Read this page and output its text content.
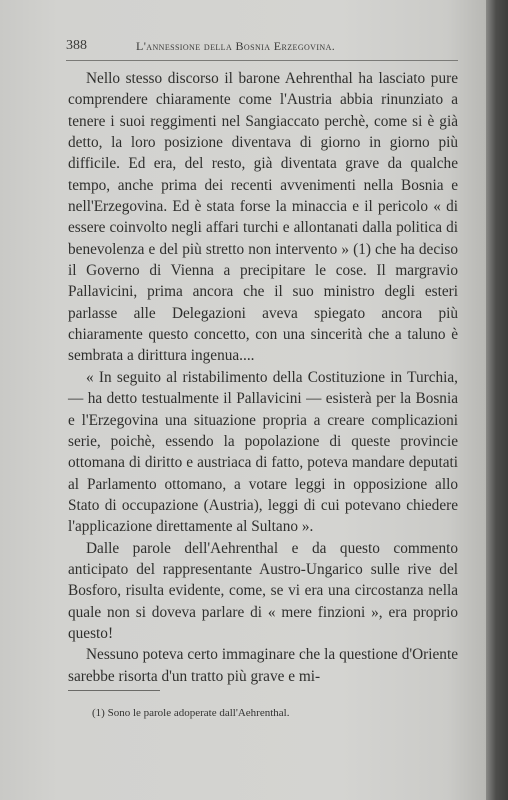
388	L'annessione della Bosnia Erzegovina.

Nello stesso discorso il barone Aehrenthal ha lasciato pure comprendere chiaramente come l'Austria abbia rinunziato a tenere i suoi reggimenti nel Sangiaccato perchè, come si è già detto, la loro posizione diventava di giorno in giorno più difficile. Ed era, del resto, già diventata grave da qualche tempo, anche prima dei recenti avvenimenti nella Bosnia e nell'Erzegovina. Ed è stata forse la minaccia e il pericolo « di essere coinvolto negli affari turchi e allontanati dalla politica di benevolenza e del più stretto non intervento » (1) che ha deciso il Governo di Vienna a precipitare le cose. Il margravio Pallavicini, prima ancora che il suo ministro degli esteri parlasse alle Delegazioni aveva spiegato ancora più chiaramente questo concetto, con una sincerità che a taluno è sembrata a dirittura ingenua....

« In seguito al ristabilimento della Costituzione in Turchia, — ha detto testualmente il Pallavicini — esisterà per la Bosnia e l'Erzegovina una situazione propria a creare complicazioni serie, poichè, essendo la popolazione di queste provincie ottomana di diritto e austriaca di fatto, poteva mandare deputati al Parlamento ottomano, a votare leggi in opposizione allo Stato di occupazione (Austria), leggi di cui potevano chiedere l'applicazione direttamente al Sultano ».

Dalle parole dell'Aehrenthal e da questo commento anticipato del rappresentante Austro-Ungarico sulle rive del Bosforo, risulta evidente, come, se vi era una circostanza nella quale non si doveva parlare di « mere finzioni », era proprio questo!

Nessuno poteva certo immaginare che la questione d'Oriente sarebbe risorta d'un tratto più grave e mi-

(1) Sono le parole adoperate dall'Aehrenthal.
